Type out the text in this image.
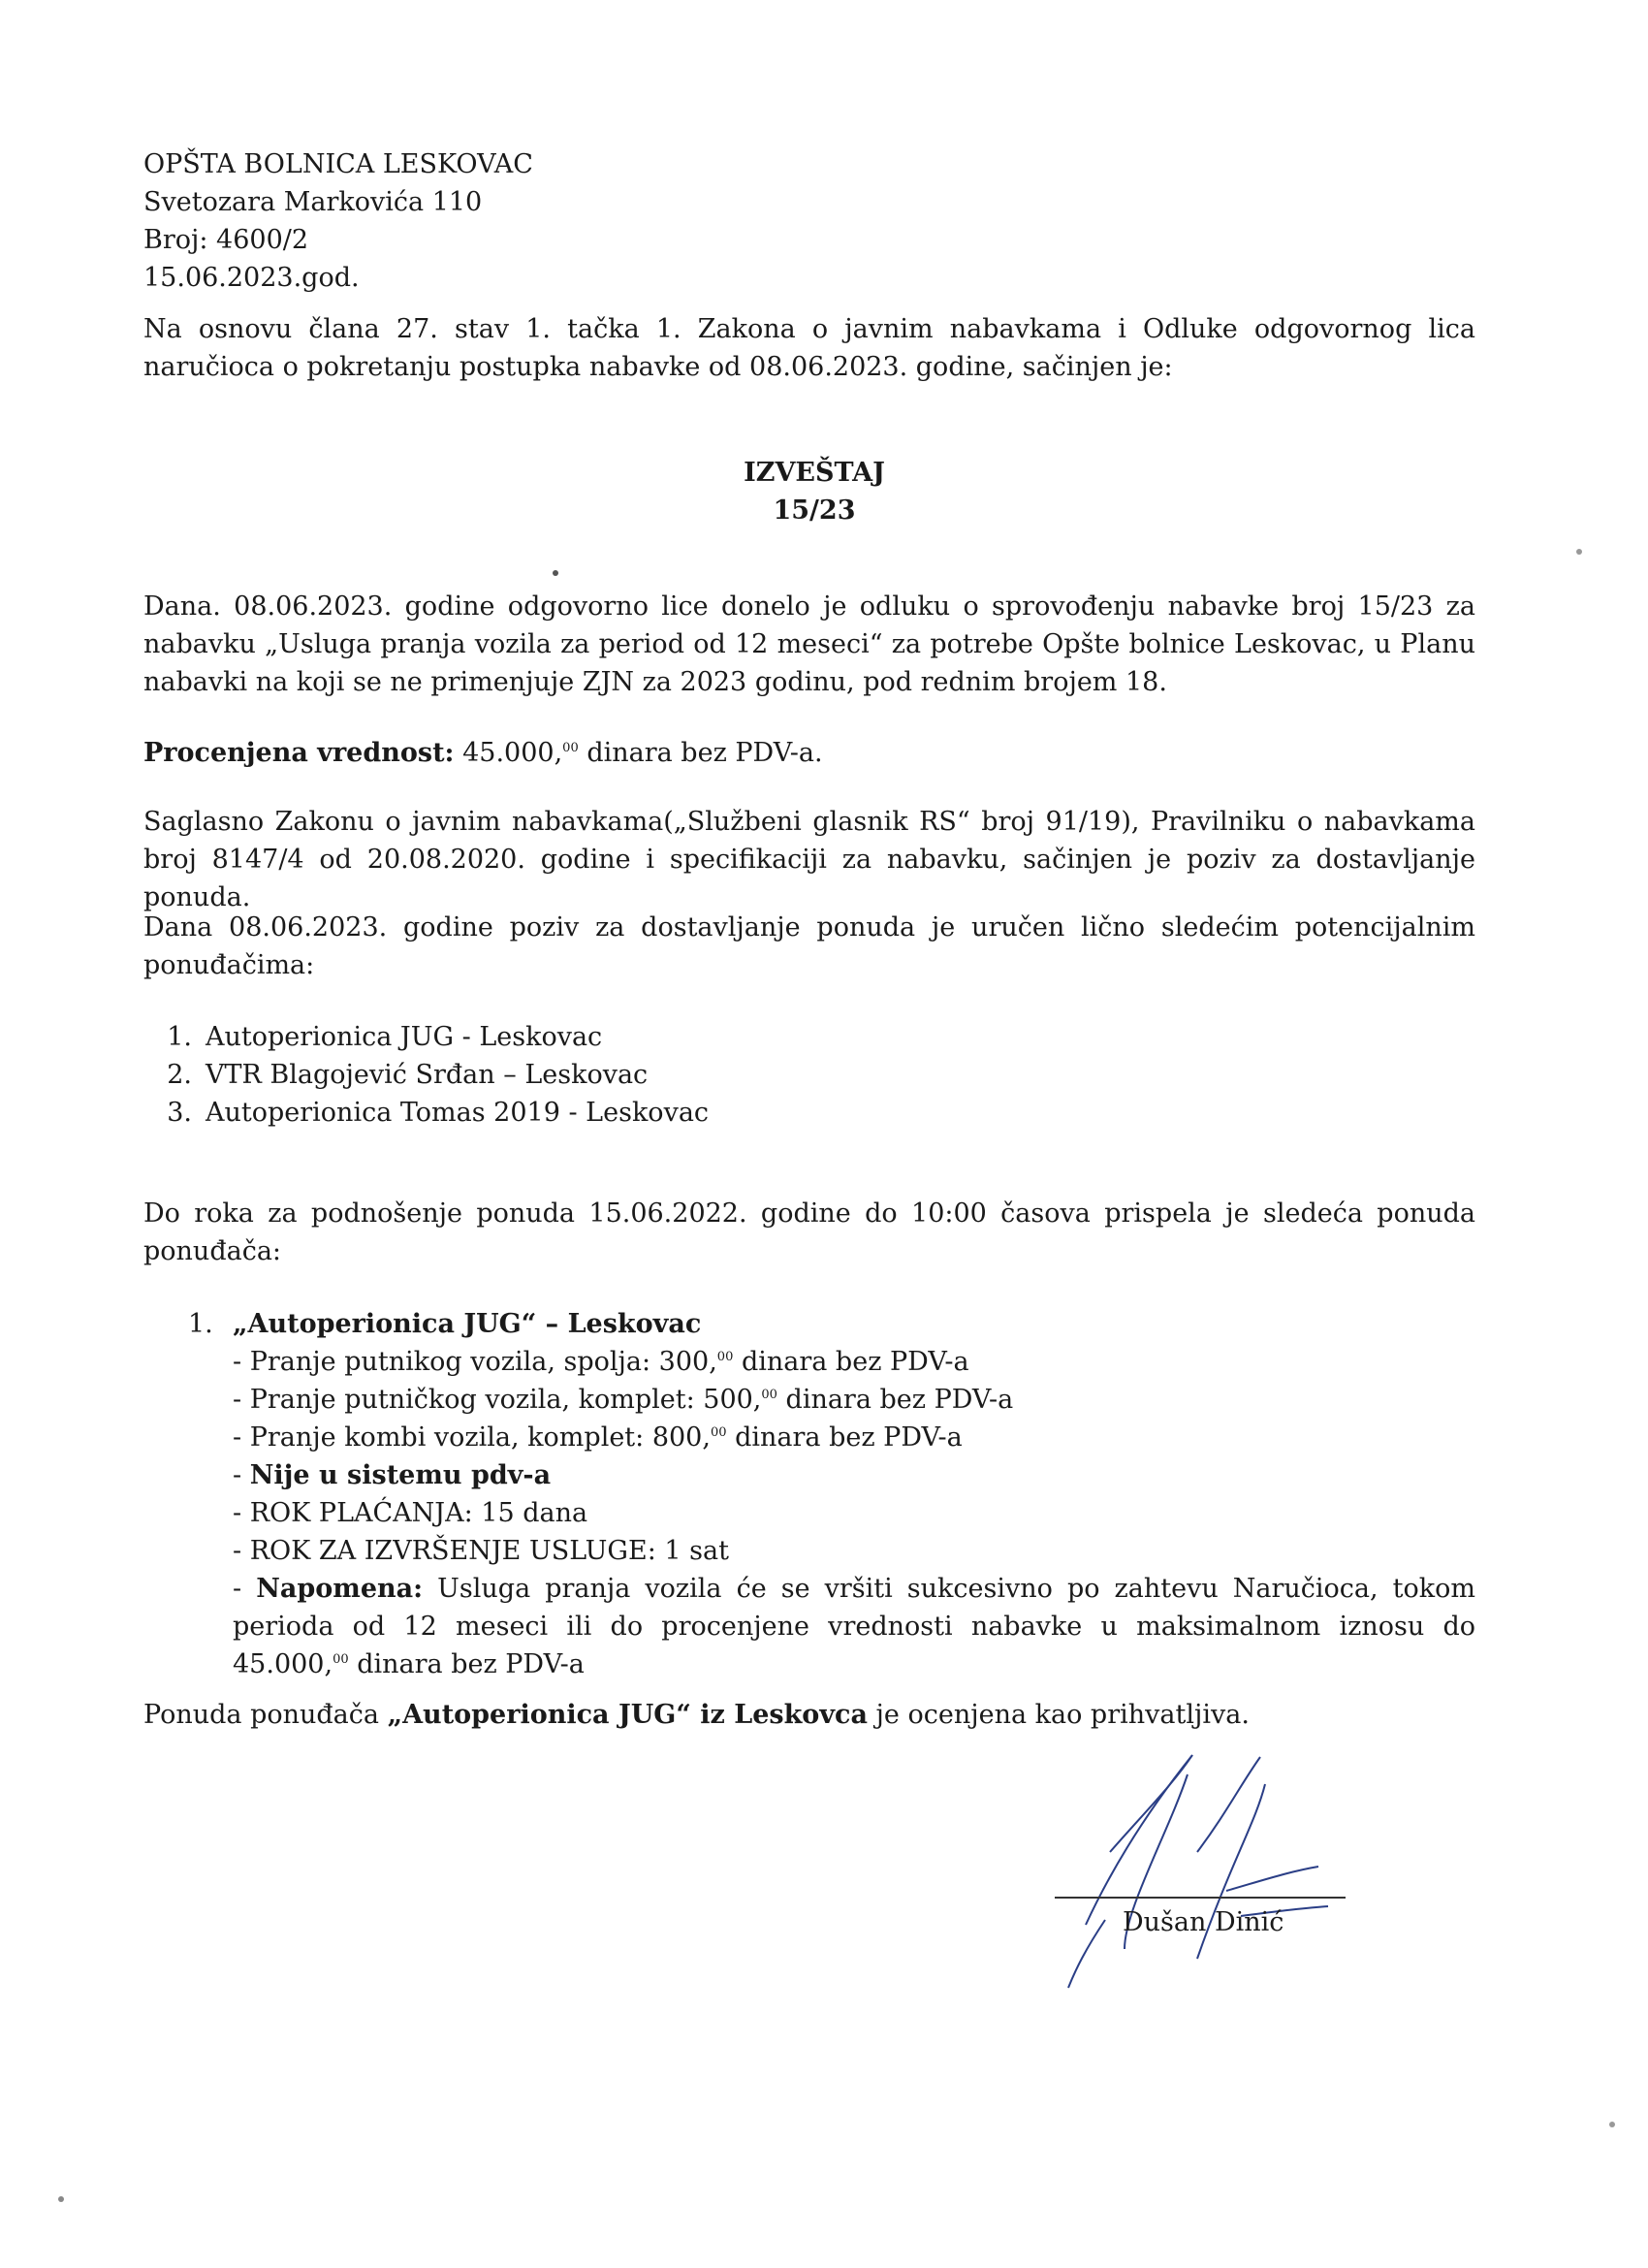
OPŠTA BOLNICA LESKOVAC
Svetozara Markovića 110
Broj: 4600/2
15.06.2023.god.
Na osnovu člana 27. stav 1. tačka 1. Zakona o javnim nabavkama i Odluke odgovornog lica naručioca o pokretanju postupka nabavke od 08.06.2023. godine, sačinjen je:
IZVEŠTAJ
15/23
Dana. 08.06.2023. godine odgovorno lice donelo je odluku o sprovođenju nabavke broj 15/23 za nabavku „Usluga pranja vozila za period od 12 meseci“ za potrebe Opšte bolnice Leskovac, u Planu nabavki na koji se ne primenjuje ZJN za 2023 godinu, pod rednim brojem 18.
Procenjena vrednost: 45.000,00 dinara bez PDV-a.
Saglasno Zakonu o javnim nabavkama(„Službeni glasnik RS“ broj 91/19), Pravilniku o nabavkama broj 8147/4 od 20.08.2020. godine i specifikaciji za nabavku, sačinjen je poziv za dostavljanje ponuda.
Dana 08.06.2023. godine poziv za dostavljanje ponuda je uručen lično sledećim potencijalnim ponuđačima:
1. Autoperionica JUG - Leskovac
2. VTR Blagojević Srđan – Leskovac
3. Autoperionica Tomas 2019 - Leskovac
Do roka za podnošenje ponuda 15.06.2022. godine do 10:00 časova prispela je sledeća ponuda ponuđača:
1. „Autoperionica JUG“ – Leskovac
- Pranje putnikog vozila, spolja: 300,00 dinara bez PDV-a
- Pranje putničkog vozila, komplet: 500,00 dinara bez PDV-a
- Pranje kombi vozila, komplet: 800,00 dinara bez PDV-a
- Nije u sistemu pdv-a
- ROK PLAĆANJA: 15 dana
- ROK ZA IZVRŠENJE USLUGE: 1 sat
- Napomena: Usluga pranja vozila će se vršiti sukcesivno po zahtevu Naručioca, tokom perioda od 12 meseci ili do procenjene vrednosti nabavke u maksimalnom iznosu do 45.000,00 dinara bez PDV-a
Ponuda ponuđača „Autoperionica JUG“ iz Leskovca je ocenjena kao prihvatljiva.
Dušan Dinić
